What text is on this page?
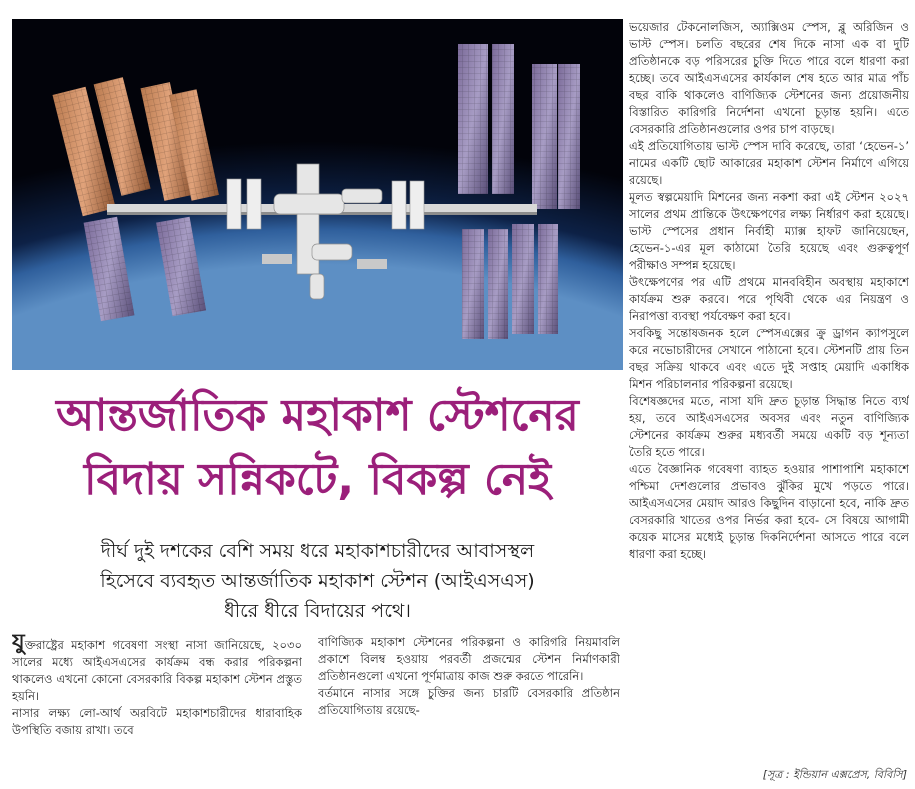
আন্তর্জাতিক মহাকাশ স্টেশনের
বিদায় সন্নিকটে, বিকল্প নেই

দীর্ঘ দুই দশকের বেশি সময় ধরে মহাকাশচারীদের আবাসস্থল
হিসেবে ব্যবহৃত আন্তর্জাতিক মহাকাশ স্টেশন (আইএসএস)
ধীরে ধীরে বিদায়ের পথে।

যুক্তরাষ্ট্রের মহাকাশ গবেষণা সংস্থা নাসা জানিয়েছে, ২০৩০ সালের মধ্যে আইএসএসের কার্যক্রম বন্ধ করার পরিকল্পনা থাকলেও এখনো কোনো বেসরকারি বিকল্প মহাকাশ স্টেশন প্রস্তুত হয়নি।

নাসার লক্ষ্য লো-আর্থ অরবিটে মহাকাশচারীদের ধারাবাহিক উপস্থিতি বজায় রাখা। তবে

বাণিজ্যিক মহাকাশ স্টেশনের পরিকল্পনা ও কারিগরি নিয়মাবলি প্রকাশে বিলম্ব হওয়ায় পরবর্তী প্রজন্মের স্টেশন নির্মাণকারী প্রতিষ্ঠানগুলো এখনো পূর্ণমাত্রায় কাজ শুরু করতে পারেনি।

বর্তমানে নাসার সঙ্গে চুক্তির জন্য চারটি বেসরকারি প্রতিষ্ঠান প্রতিযোগিতায় রয়েছে-

ভয়েজার টেকনোলজিস, অ্যাক্সিওম স্পেস, ব্লু অরিজিন ও ভাস্ট স্পেস। চলতি বছরের শেষ দিকে নাসা এক বা দুটি প্রতিষ্ঠানকে বড় পরিসরের চুক্তি দিতে পারে বলে ধারণা করা হচ্ছে। তবে আইএসএসের কার্যকাল শেষ হতে আর মাত্র পাঁচ বছর বাকি থাকলেও বাণিজ্যিক স্টেশনের জন্য প্রয়োজনীয় বিস্তারিত কারিগরি নির্দেশনা এখনো চূড়ান্ত হয়নি। এতে বেসরকারি প্রতিষ্ঠানগুলোর ওপর চাপ বাড়ছে।

এই প্রতিযোগিতায় ভাস্ট স্পেস দাবি করেছে, তারা ‘হেভেন-১’ নামের একটি ছোট আকারের মহাকাশ স্টেশন নির্মাণে এগিয়ে রয়েছে।

মূলত স্বল্পমেয়াদি মিশনের জন্য নকশা করা এই স্টেশন ২০২৭ সালের প্রথম প্রান্তিকে উৎক্ষেপণের লক্ষ্য নির্ধারণ করা হয়েছে। ভাস্ট স্পেসের প্রধান নির্বাহী ম্যাক্স হাফট জানিয়েছেন, হেভেন-১-এর মূল কাঠামো তৈরি হয়েছে এবং গুরুত্বপূর্ণ পরীক্ষাও সম্পন্ন হয়েছে।

উৎক্ষেপণের পর এটি প্রথমে মানববিহীন অবস্থায় মহাকাশে কার্যক্রম শুরু করবে। পরে পৃথিবী থেকে এর নিয়ন্ত্রণ ও নিরাপত্তা ব্যবস্থা পর্যবেক্ষণ করা হবে।

সবকিছু সন্তোষজনক হলে স্পেসএক্সের ক্রু ড্রাগন ক্যাপসুলে করে নভোচারীদের সেখানে পাঠানো হবে। স্টেশনটি প্রায় তিন বছর সক্রিয় থাকবে এবং এতে দুই সপ্তাহ মেয়াদি একাধিক মিশন পরিচালনার পরিকল্পনা রয়েছে।

বিশেষজ্ঞদের মতে, নাসা যদি দ্রুত চূড়ান্ত সিদ্ধান্ত নিতে ব্যর্থ হয়, তবে আইএসএসের অবসর এবং নতুন বাণিজ্যিক স্টেশনের কার্যক্রম শুরুর মধ্যবর্তী সময়ে একটি বড় শূন্যতা তৈরি হতে পারে।

এতে বৈজ্ঞানিক গবেষণা ব্যাহত হওয়ার পাশাপাশি মহাকাশে পশ্চিমা দেশগুলোর প্রভাবও ঝুঁকির মুখে পড়তে পারে। আইএসএসের মেয়াদ আরও কিছুদিন বাড়ানো হবে, নাকি দ্রুত বেসরকারি খাতের ওপর নির্ভর করা হবে- সে বিষয়ে আগামী কয়েক মাসের মধ্যেই চূড়ান্ত দিকনির্দেশনা আসতে পারে বলে ধারণা করা হচ্ছে।

[সূত্র : ইন্ডিয়ান এক্সপ্রেস, বিবিসি]
